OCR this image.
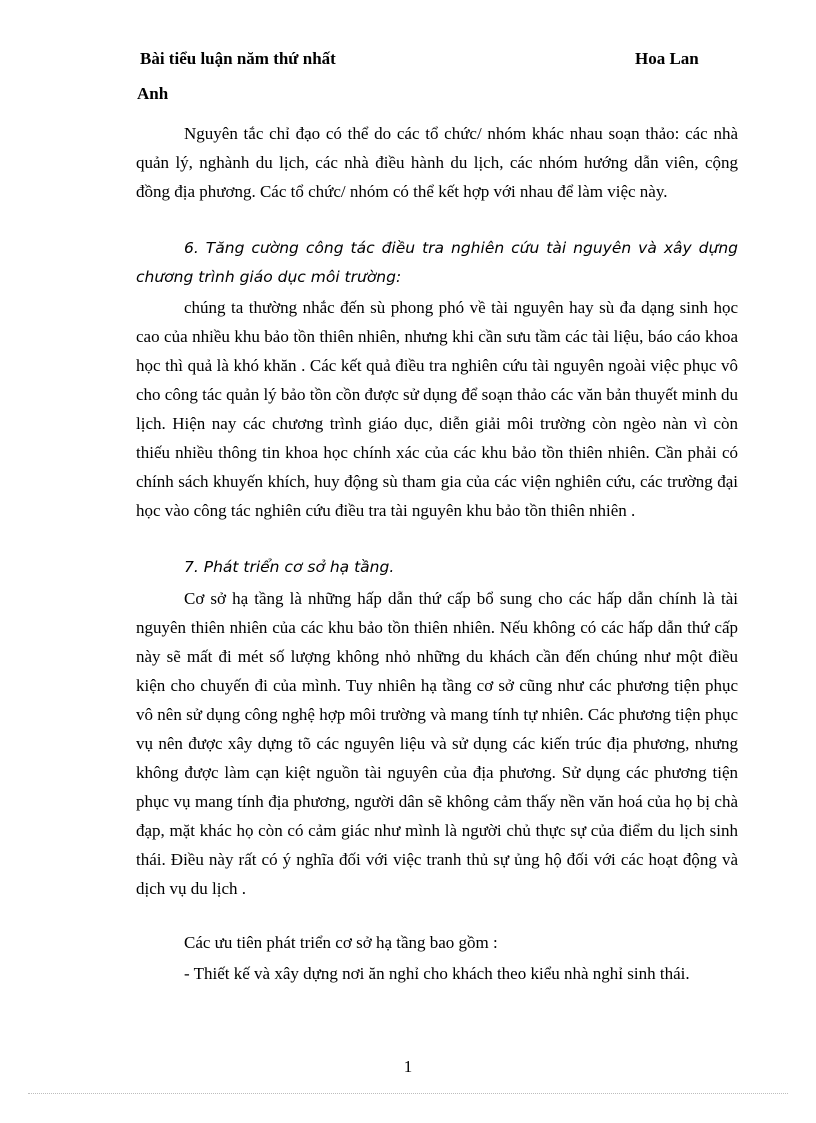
Bài tiểu luận năm thứ nhất	Hoa Lan
Anh

Nguyên tắc chỉ đạo có thể do các tổ chức/ nhóm khác nhau soạn thảo: các nhà quản lý, nghành du lịch, các nhà điều hành du lịch, các nhóm hướng dẫn viên, cộng đồng địa phương. Các tổ chức/ nhóm có thể kết hợp với nhau để làm việc này.

6. Tăng cường công tác điều tra nghiên cứu tài nguyên và xây dựng chương trình giáo dục môi trường:

chúng ta thường nhắc đến sù phong phó về tài nguyên hay sù đa dạng sinh học cao của nhiều khu bảo tồn thiên nhiên, nhưng khi cần sưu tầm các tài liệu, báo cáo khoa học thì quả là khó khăn . Các kết quả điều tra nghiên cứu tài nguyên ngoài việc phục vô cho công tác quản lý bảo tồn cồn được sử dụng để soạn thảo các văn bản thuyết minh du lịch. Hiện nay các chương trình giáo dục, diễn giải môi trường còn ngèo nàn vì còn thiếu nhiều thông tin khoa học chính xác của các khu bảo tồn thiên nhiên. Cần phải có chính sách khuyến khích, huy động sù tham gia của các viện nghiên cứu, các trường đại học vào công tác nghiên cứu điều tra tài nguyên khu bảo tồn thiên nhiên .

7. Phát triển cơ sở hạ tầng.

Cơ sở hạ tầng là những hấp dẫn thứ cấp bổ sung cho các hấp dẫn chính là tài nguyên thiên nhiên của các khu bảo tồn thiên nhiên. Nếu không có các hấp dẫn thứ cấp này sẽ mất đi mét số lượng không nhỏ những du khách cần đến chúng như một điều kiện cho chuyến đi của mình. Tuy nhiên hạ tầng cơ sở cũng như các phương tiện phục vô nên sử dụng công nghệ hợp môi trường và mang tính tự nhiên. Các phương tiện phục vụ nên được xây dựng tõ các nguyên liệu và sử dụng các kiến trúc địa phương, nhưng không được làm cạn kiệt nguồn tài nguyên của địa phương. Sử dụng các phương tiện phục vụ mang tính địa phương, người dân sẽ không cảm thấy nền văn hoá của họ bị chà đạp, mặt khác họ còn có cảm giác như mình là người chủ thực sự của điểm du lịch sinh thái. Điều này rất có ý nghĩa đối với việc tranh thủ sự ủng hộ đối với các hoạt động và dịch vụ du lịch .

Các ưu tiên phát triển cơ sở hạ tầng bao gồm :

- Thiết kế và xây dựng nơi ăn nghỉ cho khách theo kiểu nhà nghỉ sinh thái.

1
